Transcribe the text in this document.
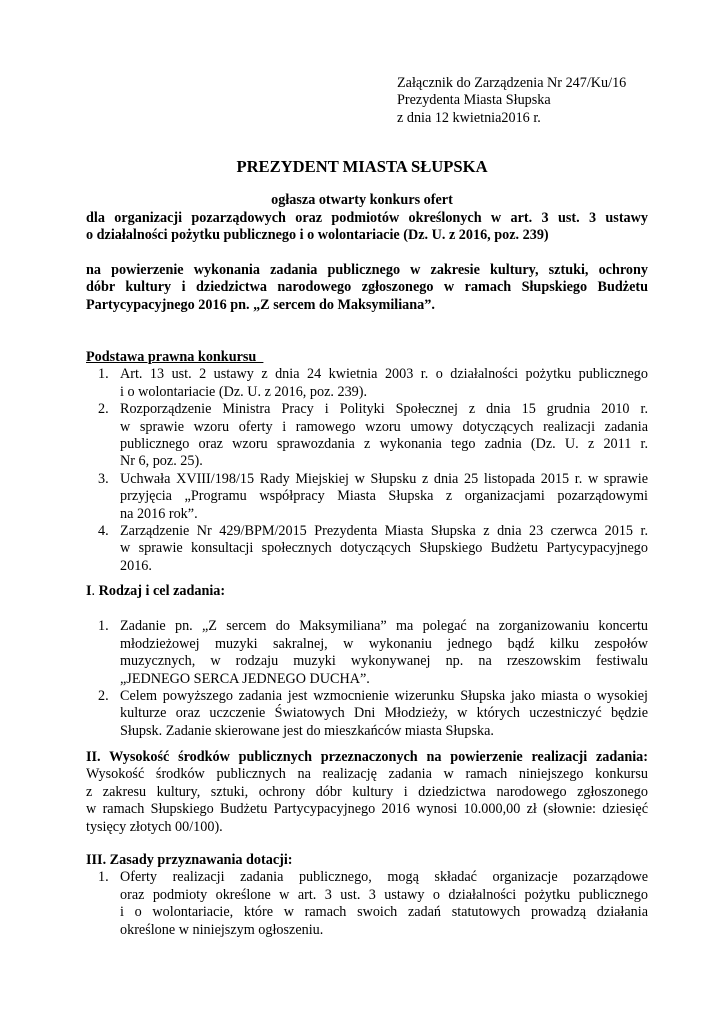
Załącznik do Zarządzenia Nr 247/Ku/16
Prezydenta Miasta Słupska
z dnia 12 kwietnia2016 r.
PREZYDENT MIASTA SŁUPSKA
ogłasza otwarty konkurs ofert
dla organizacji pozarządowych oraz podmiotów określonych w art. 3 ust. 3 ustawy
o działalności pożytku publicznego i o wolontariacie (Dz. U. z 2016, poz. 239)
na powierzenie wykonania zadania publicznego w zakresie kultury, sztuki, ochrony
dóbr kultury i dziedzictwa narodowego zgłoszonego w ramach Słupskiego Budżetu
Partycypacyjnego 2016 pn. „Z sercem do Maksymiliana”.
Podstawa prawna konkursu
1. Art. 13 ust. 2 ustawy z dnia 24 kwietnia 2003 r. o działalności pożytku publicznego
i o wolontariacie (Dz. U. z 2016, poz. 239).
2. Rozporządzenie Ministra Pracy i Polityki Społecznej z dnia 15 grudnia 2010 r.
w sprawie wzoru oferty i ramowego wzoru umowy dotyczących realizacji zadania
publicznego oraz wzoru sprawozdania z wykonania tego zadnia (Dz. U. z 2011 r.
Nr 6, poz. 25).
3. Uchwała XVIII/198/15 Rady Miejskiej w Słupsku z dnia 25 listopada 2015 r. w sprawie
przyjęcia „Programu współpracy Miasta Słupska z organizacjami pozarządowymi
na 2016 rok”.
4. Zarządzenie Nr 429/BPM/2015 Prezydenta Miasta Słupska z dnia 23 czerwca 2015 r.
w sprawie konsultacji społecznych dotyczących Słupskiego Budżetu Partycypacyjnego
2016.
I. Rodzaj i cel zadania:
1. Zadanie pn. „Z sercem do Maksymiliana” ma polegać na zorganizowaniu koncertu
młodzieżowej muzyki sakralnej, w wykonaniu jednego bądź kilku zespołów
muzycznych, w rodzaju muzyki wykonywanej np. na rzeszowskim festiwalu
„JEDNEGO SERCA JEDNEGO DUCHA”.
2. Celem powyższego zadania jest wzmocnienie wizerunku Słupska jako miasta o wysokiej
kulturze oraz uczczenie Światowych Dni Młodzieży, w których uczestniczyć będzie
Słupsk. Zadanie skierowane jest do mieszkańców miasta Słupska.
II. Wysokość środków publicznych przeznaczonych na powierzenie realizacji zadania:
Wysokość środków publicznych na realizację zadania w ramach niniejszego konkursu
z zakresu kultury, sztuki, ochrony dóbr kultury i dziedzictwa narodowego zgłoszonego
w ramach Słupskiego Budżetu Partycypacyjnego 2016 wynosi 10.000,00 zł (słownie: dziesięć
tysięcy złotych 00/100).
III. Zasady przyznawania dotacji:
1. Oferty realizacji zadania publicznego, mogą składać organizacje pozarządowe
oraz podmioty określone w art. 3 ust. 3 ustawy o działalności pożytku publicznego
i o wolontariacie, które w ramach swoich zadań statutowych prowadzą działania
określone w niniejszym ogłoszeniu.
